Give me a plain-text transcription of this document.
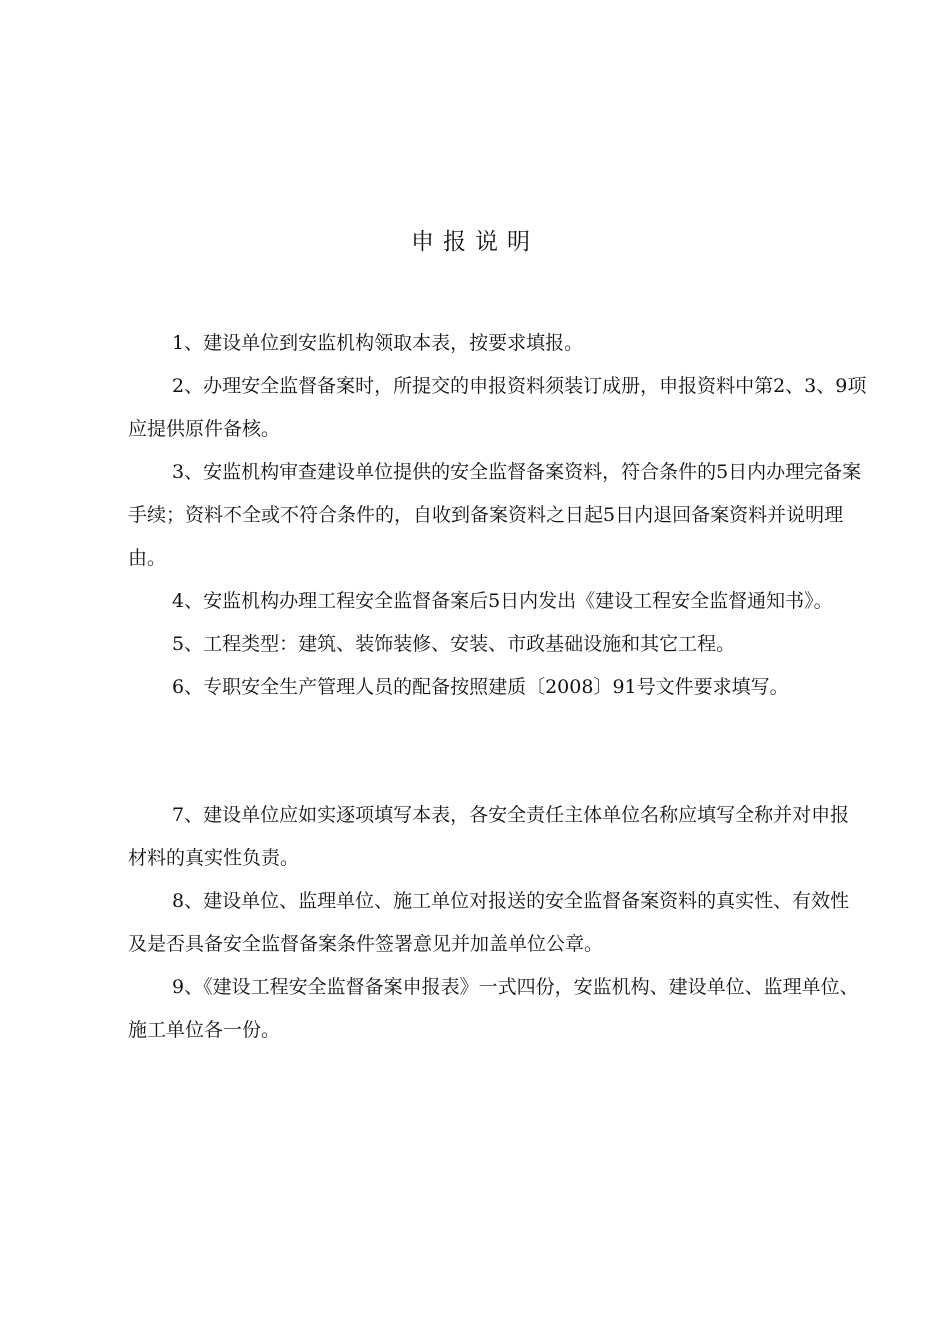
申报说明

1、建设单位到安监机构领取本表，按要求填报。

2、办理安全监督备案时，所提交的申报资料须装订成册，申报资料中第2、3、9项应提供原件备核。

3、安监机构审查建设单位提供的安全监督备案资料，符合条件的5日内办理完备案手续；资料不全或不符合条件的，自收到备案资料之日起5日内退回备案资料并说明理由。

4、安监机构办理工程安全监督备案后5日内发出《建设工程安全监督通知书》。

5、工程类型：建筑、装饰装修、安装、市政基础设施和其它工程。

6、专职安全生产管理人员的配备按照建质〔2008〕91号文件要求填写。

7、建设单位应如实逐项填写本表，各安全责任主体单位名称应填写全称并对申报材料的真实性负责。

8、建设单位、监理单位、施工单位对报送的安全监督备案资料的真实性、有效性及是否具备安全监督备案条件签署意见并加盖单位公章。

9、《建设工程安全监督备案申报表》一式四份，安监机构、建设单位、监理单位、施工单位各一份。
